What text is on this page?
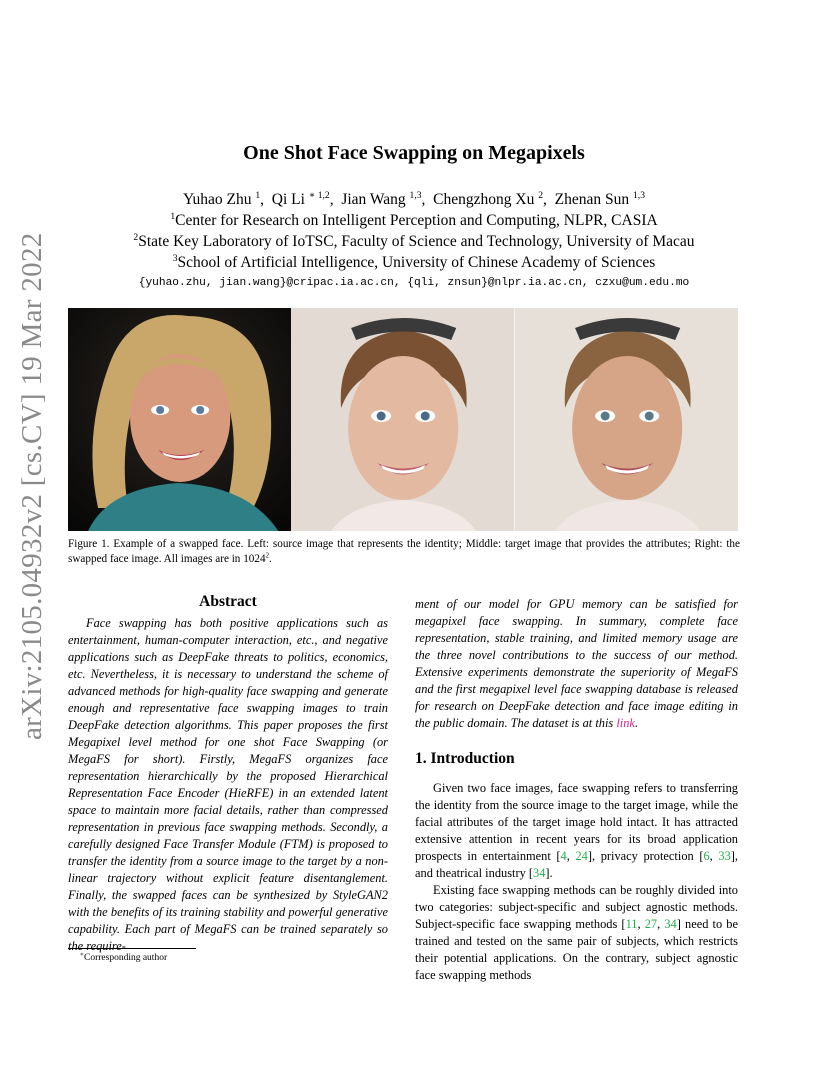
arXiv:2105.04932v2 [cs.CV] 19 Mar 2022
One Shot Face Swapping on Megapixels
Yuhao Zhu $^1$,  Qi Li $^{∗ 1,2}$,  Jian Wang $^{1,3}$,  Chengzhong Xu $^2$,  Zhenan Sun $^{1,3}$
$^1$Center for Research on Intelligent Perception and Computing, NLPR, CASIA
$^2$State Key Laboratory of IoTSC, Faculty of Science and Technology, University of Macau
$^3$School of Artificial Intelligence, University of Chinese Academy of Sciences
{yuhao.zhu, jian.wang}@cripac.ia.ac.cn, {qli, znsun}@nlpr.ia.ac.cn, czxu@um.edu.mo
Figure 1. Example of a swapped face. Left: source image that represents the identity; Middle: target image that provides the attributes; Right: the swapped face image. All images are in 1024$^2$.
Abstract

Face swapping has both positive applications such as entertainment, human-computer interaction, etc., and negative applications such as DeepFake threats to politics, economics, etc. Nevertheless, it is necessary to understand the scheme of advanced methods for high-quality face swapping and generate enough and representative face swapping images to train DeepFake detection algorithms. This paper proposes the first Megapixel level method for one shot Face Swapping (or MegaFS for short). Firstly, MegaFS organizes face representation hierarchically by the proposed Hierarchical Representation Face Encoder (HieRFE) in an extended latent space to maintain more facial details, rather than compressed representation in previous face swapping methods. Secondly, a carefully designed Face Transfer Module (FTM) is proposed to transfer the identity from a source image to the target by a non-linear trajectory without explicit feature disentanglement. Finally, the swapped faces can be synthesized by StyleGAN2 with the benefits of its training stability and powerful generative capability. Each part of MegaFS can be trained separately so the require-

ment of our model for GPU memory can be satisfied for megapixel face swapping. In summary, complete face representation, stable training, and limited memory usage are the three novel contributions to the success of our method. Extensive experiments demonstrate the superiority of MegaFS and the first megapixel level face swapping database is released for research on DeepFake detection and face image editing in the public domain. The dataset is at this link.

1. Introduction

Given two face images, face swapping refers to transferring the identity from the source image to the target image, while the facial attributes of the target image hold intact. It has attracted extensive attention in recent years for its broad application prospects in entertainment [4, 24], privacy protection [6, 33], and theatrical industry [34].

Existing face swapping methods can be roughly divided into two categories: subject-specific and subject agnostic methods. Subject-specific face swapping methods [11, 27, 34] need to be trained and tested on the same pair of subjects, which restricts their potential applications. On the contrary, subject agnostic face swapping methods

∗Corresponding author
